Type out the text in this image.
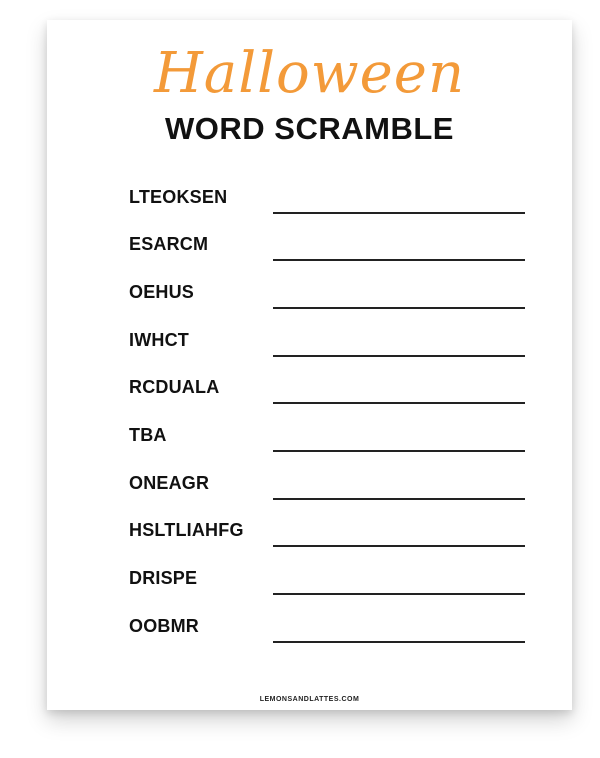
Halloween
WORD SCRAMBLE
LTEOKSEN
ESARCM
OEHUS
IWHCT
RCDUALA
TBA
ONEAGR
HSLTLIAHFG
DRISPE
OOBMR
LEMONSANDLATTES.COM
